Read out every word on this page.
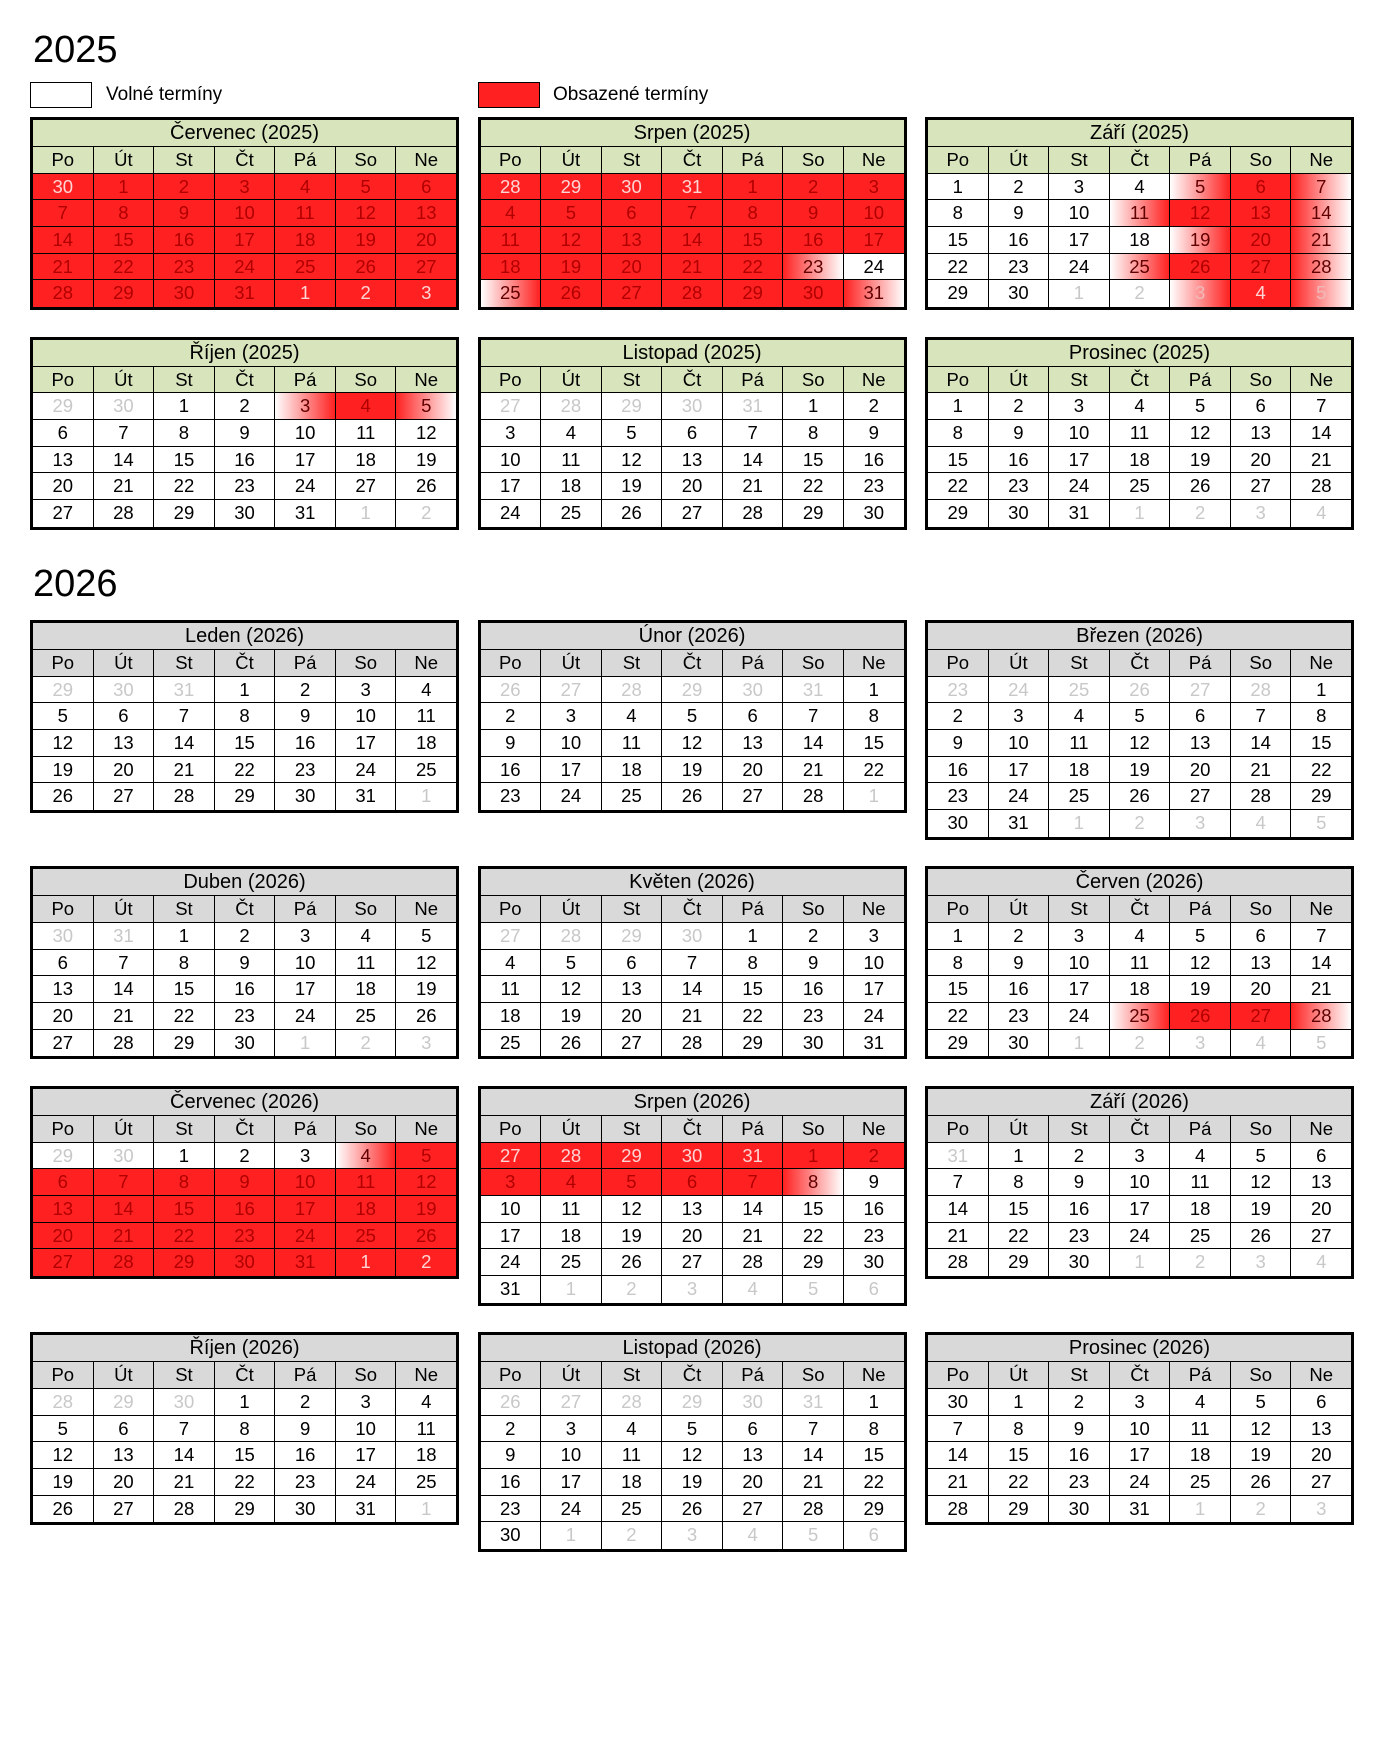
Volné termíny	Obsazené termíny
2025
Červenec (2025)
Po	Út	St	Čt	Pá	So	Ne
30	1	2	3	4	5	6
7	8	9	10	11	12	13
14	15	16	17	18	19	20
21	22	23	24	25	26	27
28	29	30	31	1	2	3
Srpen (2025)
Po	Út	St	Čt	Pá	So	Ne
28	29	30	31	1	2	3
4	5	6	7	8	9	10
11	12	13	14	15	16	17
18	19	20	21	22	23	24
25	26	27	28	29	30	31
Září (2025)
Po	Út	St	Čt	Pá	So	Ne
1	2	3	4	5	6	7
8	9	10	11	12	13	14
15	16	17	18	19	20	21
22	23	24	25	26	27	28
29	30	1	2	3	4	5
Říjen (2025)
Po	Út	St	Čt	Pá	So	Ne
29	30	1	2	3	4	5
6	7	8	9	10	11	12
13	14	15	16	17	18	19
20	21	22	23	24	27	26
27	28	29	30	31	1	2
Listopad (2025)
Po	Út	St	Čt	Pá	So	Ne
27	28	29	30	31	1	2
3	4	5	6	7	8	9
10	11	12	13	14	15	16
17	18	19	20	21	22	23
24	25	26	27	28	29	30
Prosinec (2025)
Po	Út	St	Čt	Pá	So	Ne
1	2	3	4	5	6	7
8	9	10	11	12	13	14
15	16	17	18	19	20	21
22	23	24	25	26	27	28
29	30	31	1	2	3	4
2026
Leden (2026)
Po	Út	St	Čt	Pá	So	Ne
29	30	31	1	2	3	4
5	6	7	8	9	10	11
12	13	14	15	16	17	18
19	20	21	22	23	24	25
26	27	28	29	30	31	1
Únor (2026)
Po	Út	St	Čt	Pá	So	Ne
26	27	28	29	30	31	1
2	3	4	5	6	7	8
9	10	11	12	13	14	15
16	17	18	19	20	21	22
23	24	25	26	27	28	1
Březen (2026)
Po	Út	St	Čt	Pá	So	Ne
23	24	25	26	27	28	1
2	3	4	5	6	7	8
9	10	11	12	13	14	15
16	17	18	19	20	21	22
23	24	25	26	27	28	29
30	31	1	2	3	4	5
Duben (2026)
Po	Út	St	Čt	Pá	So	Ne
30	31	1	2	3	4	5
6	7	8	9	10	11	12
13	14	15	16	17	18	19
20	21	22	23	24	25	26
27	28	29	30	1	2	3
Květen (2026)
Po	Út	St	Čt	Pá	So	Ne
27	28	29	30	1	2	3
4	5	6	7	8	9	10
11	12	13	14	15	16	17
18	19	20	21	22	23	24
25	26	27	28	29	30	31
Červen (2026)
Po	Út	St	Čt	Pá	So	Ne
1	2	3	4	5	6	7
8	9	10	11	12	13	14
15	16	17	18	19	20	21
22	23	24	25	26	27	28
29	30	1	2	3	4	5
Červenec (2026)
Po	Út	St	Čt	Pá	So	Ne
29	30	1	2	3	4	5
6	7	8	9	10	11	12
13	14	15	16	17	18	19
20	21	22	23	24	25	26
27	28	29	30	31	1	2
Srpen (2026)
Po	Út	St	Čt	Pá	So	Ne
27	28	29	30	31	1	2
3	4	5	6	7	8	9
10	11	12	13	14	15	16
17	18	19	20	21	22	23
24	25	26	27	28	29	30
31	1	2	3	4	5	6
Září (2026)
Po	Út	St	Čt	Pá	So	Ne
31	1	2	3	4	5	6
7	8	9	10	11	12	13
14	15	16	17	18	19	20
21	22	23	24	25	26	27
28	29	30	1	2	3	4
Říjen (2026)
Po	Út	St	Čt	Pá	So	Ne
28	29	30	1	2	3	4
5	6	7	8	9	10	11
12	13	14	15	16	17	18
19	20	21	22	23	24	25
26	27	28	29	30	31	1
Listopad (2026)
Po	Út	St	Čt	Pá	So	Ne
26	27	28	29	30	31	1
2	3	4	5	6	7	8
9	10	11	12	13	14	15
16	17	18	19	20	21	22
23	24	25	26	27	28	29
30	1	2	3	4	5	6
Prosinec (2026)
Po	Út	St	Čt	Pá	So	Ne
30	1	2	3	4	5	6
7	8	9	10	11	12	13
14	15	16	17	18	19	20
21	22	23	24	25	26	27
28	29	30	31	1	2	3
